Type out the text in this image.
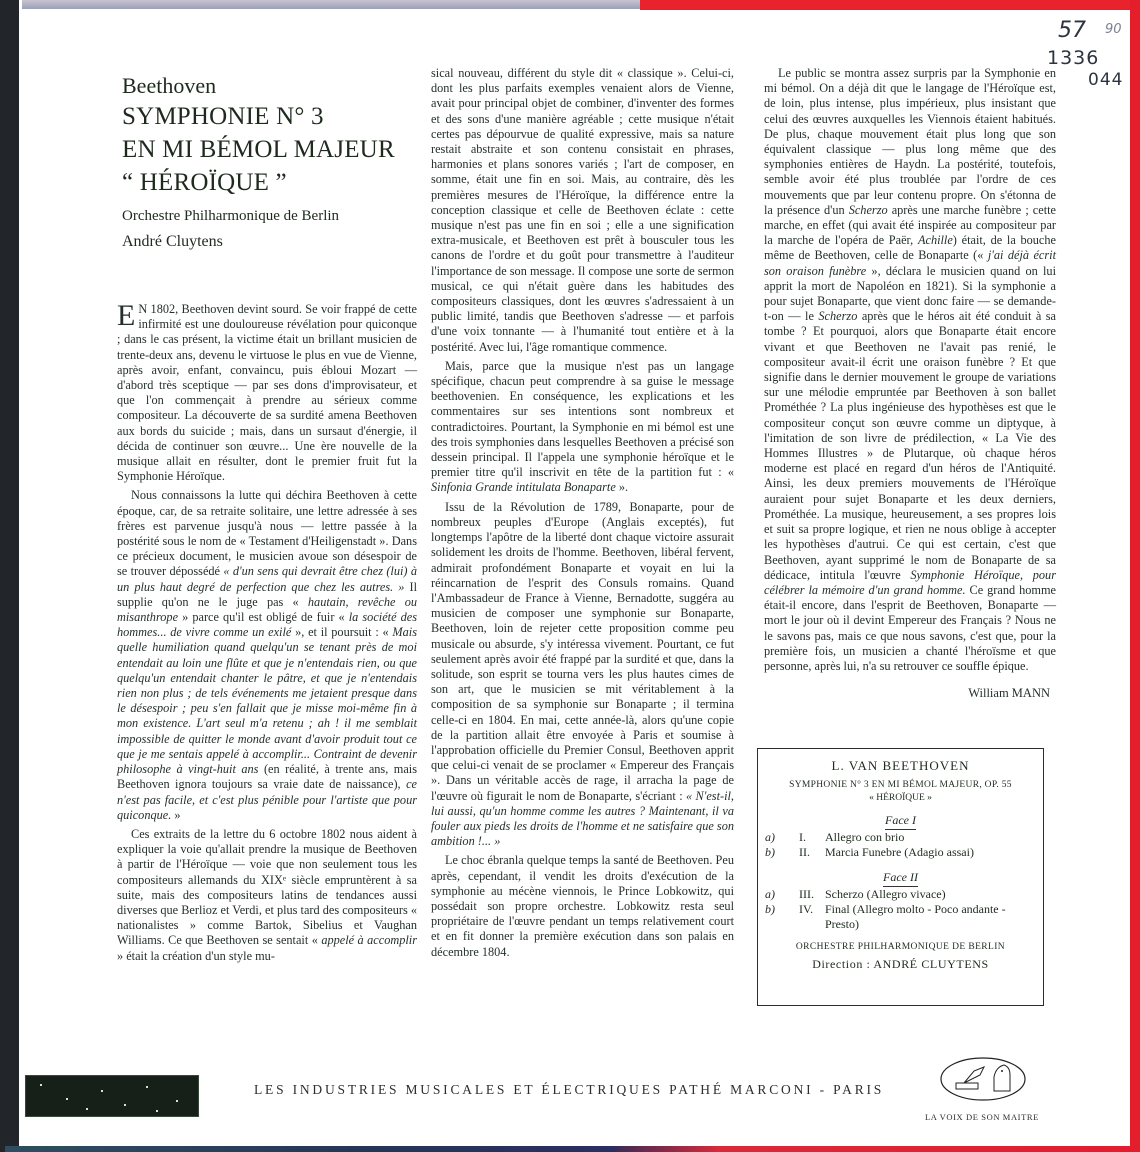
57 90
1336
044
Beethoven
SYMPHONIE N° 3
EN MI BÉMOL MAJEUR
“ HÉROÏQUE ”
Orchestre Philharmonique de Berlin
André Cluytens

E N 1802, Beethoven devint sourd. Se voir frappé de cette infirmité est une douloureuse révélation pour quiconque ; dans le cas présent, la victime était un brillant musicien de trente-deux ans, devenu le virtuose le plus en vue de Vienne, après avoir, enfant, convaincu, puis ébloui Mozart — d'abord très sceptique — par ses dons d'improvisateur, et que l'on commençait à prendre au sérieux comme compositeur. La découverte de sa surdité amena Beethoven aux bords du suicide ; mais, dans un sursaut d'énergie, il décida de continuer son œuvre... Une ère nouvelle de la musique allait en résulter, dont le premier fruit fut la Symphonie Héroïque.

Nous connaissons la lutte qui déchira Beethoven à cette époque, car, de sa retraite solitaire, une lettre adressée à ses frères est parvenue jusqu'à nous — lettre passée à la postérité sous le nom de « Testament d'Heiligenstadt ». Dans ce précieux document, le musicien avoue son désespoir de se trouver dépossédé « d'un sens qui devrait être chez (lui) à un plus haut degré de perfection que chez les autres. » Il supplie qu'on ne le juge pas « hautain, revêche ou misanthrope » parce qu'il est obligé de fuir « la société des hommes... de vivre comme un exilé », et il poursuit : « Mais quelle humiliation quand quelqu'un se tenant près de moi entendait au loin une flûte et que je n'entendais rien, ou que quelqu'un entendait chanter le pâtre, et que je n'entendais rien non plus ; de tels événements me jetaient presque dans le désespoir ; peu s'en fallait que je misse moi-même fin à mon existence. L'art seul m'a retenu ; ah ! il me semblait impossible de quitter le monde avant d'avoir produit tout ce que je me sentais appelé à accomplir... Contraint de devenir philosophe à vingt-huit ans (en réalité, à trente ans, mais Beethoven ignora toujours sa vraie date de naissance), ce n'est pas facile, et c'est plus pénible pour l'artiste que pour quiconque. »

Ces extraits de la lettre du 6 octobre 1802 nous aident à expliquer la voie qu'allait prendre la musique de Beethoven à partir de l'Héroïque — voie que non seulement tous les compositeurs allemands du XIXᵉ siècle empruntèrent à sa suite, mais des compositeurs latins de tendances aussi diverses que Berlioz et Verdi, et plus tard des compositeurs « nationalistes » comme Bartok, Sibelius et Vaughan Williams. Ce que Beethoven se sentait « appelé à accomplir » était la création d'un style mu-

sical nouveau, différent du style dit « classique ». Celui-ci, dont les plus parfaits exemples venaient alors de Vienne, avait pour principal objet de combiner, d'inventer des formes et des sons d'une manière agréable ; cette musique n'était certes pas dépourvue de qualité expressive, mais sa nature restait abstraite et son contenu consistait en phrases, harmonies et plans sonores variés ; l'art de composer, en somme, était une fin en soi. Mais, au contraire, dès les premières mesures de l'Héroïque, la différence entre la conception classique et celle de Beethoven éclate : cette musique n'est pas une fin en soi ; elle a une signification extra-musicale, et Beethoven est prêt à bousculer tous les canons de l'ordre et du goût pour transmettre à l'auditeur l'importance de son message. Il compose une sorte de sermon musical, ce qui n'était guère dans les habitudes des compositeurs classiques, dont les œuvres s'adressaient à un public limité, tandis que Beethoven s'adresse — et parfois d'une voix tonnante — à l'humanité tout entière et à la postérité. Avec lui, l'âge romantique commence.

Mais, parce que la musique n'est pas un langage spécifique, chacun peut comprendre à sa guise le message beethovenien. En conséquence, les explications et les commentaires sur ses intentions sont nombreux et contradictoires. Pourtant, la Symphonie en mi bémol est une des trois symphonies dans lesquelles Beethoven a précisé son dessein principal. Il l'appela une symphonie héroïque et le premier titre qu'il inscrivit en tête de la partition fut : « Sinfonia Grande intitulata Bonaparte ».

Issu de la Révolution de 1789, Bonaparte, pour de nombreux peuples d'Europe (Anglais exceptés), fut longtemps l'apôtre de la liberté dont chaque victoire assurait solidement les droits de l'homme. Beethoven, libéral fervent, admirait profondément Bonaparte et voyait en lui la réincarnation de l'esprit des Consuls romains. Quand l'Ambassadeur de France à Vienne, Bernadotte, suggéra au musicien de composer une symphonie sur Bonaparte, Beethoven, loin de rejeter cette proposition comme peu musicale ou absurde, s'y intéressa vivement. Pourtant, ce fut seulement après avoir été frappé par la surdité et que, dans la solitude, son esprit se tourna vers les plus hautes cimes de son art, que le musicien se mit véritablement à la composition de sa symphonie sur Bonaparte ; il termina celle-ci en 1804. En mai, cette année-là, alors qu'une copie de la partition allait être envoyée à Paris et soumise à l'approbation officielle du Premier Consul, Beethoven apprit que celui-ci venait de se proclamer « Empereur des Français ». Dans un véritable accès de rage, il arracha la page de l'œuvre où figurait le nom de Bonaparte, s'écriant : « N'est-il, lui aussi, qu'un homme comme les autres ? Maintenant, il va fouler aux pieds les droits de l'homme et ne satisfaire que son ambition !... »

Le choc ébranla quelque temps la santé de Beethoven. Peu après, cependant, il vendit les droits d'exécution de la symphonie au mécène viennois, le Prince Lobkowitz, qui possédait son propre orchestre. Lobkowitz resta seul propriétaire de l'œuvre pendant un temps relativement court et en fit donner la première exécution dans son palais en décembre 1804.

Le public se montra assez surpris par la Symphonie en mi bémol. On a déjà dit que le langage de l'Héroïque est, de loin, plus intense, plus impérieux, plus insistant que celui des œuvres auxquelles les Viennois étaient habitués. De plus, chaque mouvement était plus long que son équivalent classique — plus long même que des symphonies entières de Haydn. La postérité, toutefois, semble avoir été plus troublée par l'ordre de ces mouvements que par leur contenu propre. On s'étonna de la présence d'un Scherzo après une marche funèbre ; cette marche, en effet (qui avait été inspirée au compositeur par la marche de l'opéra de Paër, Achille) était, de la bouche même de Beethoven, celle de Bonaparte (« j'ai déjà écrit son oraison funèbre », déclara le musicien quand on lui apprit la mort de Napoléon en 1821). Si la symphonie a pour sujet Bonaparte, que vient donc faire — se demande-t-on — le Scherzo après que le héros ait été conduit à sa tombe ? Et pourquoi, alors que Bonaparte était encore vivant et que Beethoven ne l'avait pas renié, le compositeur avait-il écrit une oraison funèbre ? Et que signifie dans le dernier mouvement le groupe de variations sur une mélodie empruntée par Beethoven à son ballet Prométhée ? La plus ingénieuse des hypothèses est que le compositeur conçut son œuvre comme un diptyque, à l'imitation de son livre de prédilection, « La Vie des Hommes Illustres » de Plutarque, où chaque héros moderne est placé en regard d'un héros de l'Antiquité. Ainsi, les deux premiers mouvements de l'Héroïque auraient pour sujet Bonaparte et les deux derniers, Prométhée. La musique, heureusement, a ses propres lois et suit sa propre logique, et rien ne nous oblige à accepter les hypothèses d'autrui. Ce qui est certain, c'est que Beethoven, ayant supprimé le nom de Bonaparte de sa dédicace, intitula l'œuvre Symphonie Héroïque, pour célébrer la mémoire d'un grand homme. Ce grand homme était-il encore, dans l'esprit de Beethoven, Bonaparte — mort le jour où il devint Empereur des Français ? Nous ne le savons pas, mais ce que nous savons, c'est que, pour la première fois, un musicien a chanté l'héroïsme et que personne, après lui, n'a su retrouver ce souffle épique.

William MANN
L. VAN BEETHOVEN
SYMPHONIE N° 3 EN MI BÉMOL MAJEUR, OP. 55
« HÉROÏQUE »
Face I
a)	I.	Allegro con brio
b)	II.	Marcia Funebre (Adagio assai)
Face II
a)	III. Scherzo (Allegro vivace)
b)	IV. Final (Allegro molto - Poco andante - Presto)
ORCHESTRE PHILHARMONIQUE DE BERLIN
Direction : ANDRÉ CLUYTENS
LES INDUSTRIES MUSICALES ET ÉLECTRIQUES PATHÉ MARCONI - PARIS
LA VOIX DE SON MAITRE
